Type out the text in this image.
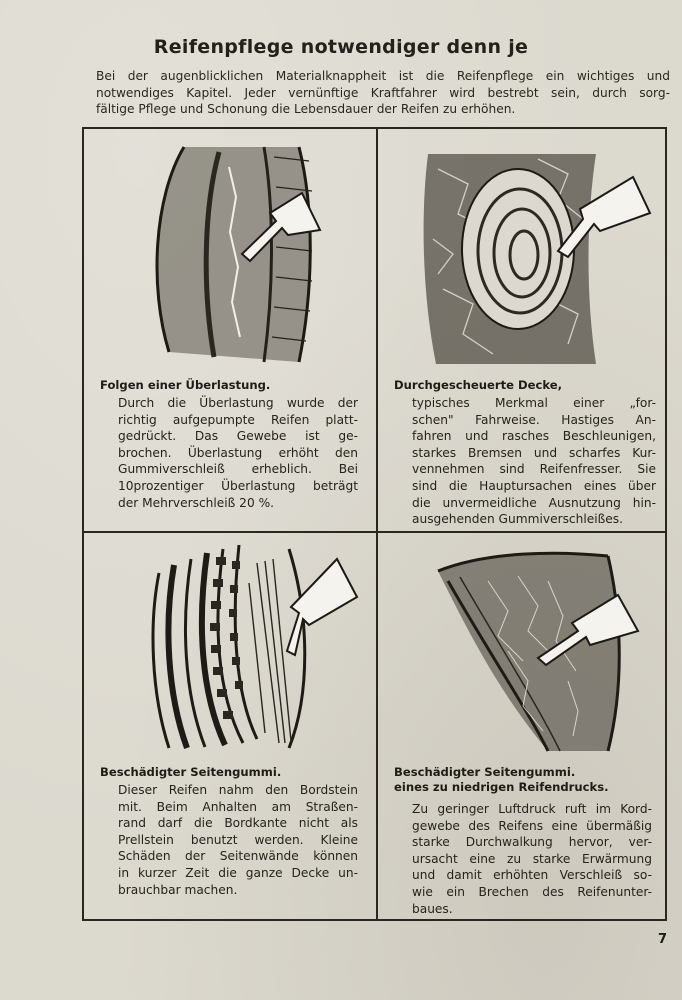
Reifenpflege notwendiger denn je
Bei der augenblicklichen Materialknappheit ist die Reifenpflege ein wichtiges und
notwendiges Kapitel. Jeder vernünftige Kraftfahrer wird bestrebt sein, durch sorg-
fältige Pflege und Schonung die Lebensdauer der Reifen zu erhöhen.
Folgen einer Überlastung.
Durch die Überlastung wurde der
richtig aufgepumpte Reifen platt-
gedrückt. Das Gewebe ist ge-
brochen. Überlastung erhöht den
Gummiverschleiß erheblich. Bei
10prozentiger Überlastung beträgt
der Mehrverschleiß 20 %.
Durchgescheuerte Decke,
typisches Merkmal einer „for-
schen" Fahrweise. Hastiges An-
fahren und rasches Beschleunigen,
starkes Bremsen und scharfes Kur-
vennehmen sind Reifenfresser. Sie
sind die Hauptursachen eines über
die unvermeidliche Ausnutzung hin-
ausgehenden Gummiverschleißes.
Beschädigter Seitengummi.
Dieser Reifen nahm den Bordstein
mit. Beim Anhalten am Straßen-
rand darf die Bordkante nicht als
Prellstein benutzt werden. Kleine
Schäden der Seitenwände können
in kurzer Zeit die ganze Decke un-
brauchbar machen.
Beschädigter Seitengummi.
eines zu niedrigen Reifendrucks.
Zu geringer Luftdruck ruft im Kord-
gewebe des Reifens eine übermäßig
starke Durchwalkung hervor, ver-
ursacht eine zu starke Erwärmung
und damit erhöhten Verschleiß so-
wie ein Brechen des Reifenunter-
baues.
7
